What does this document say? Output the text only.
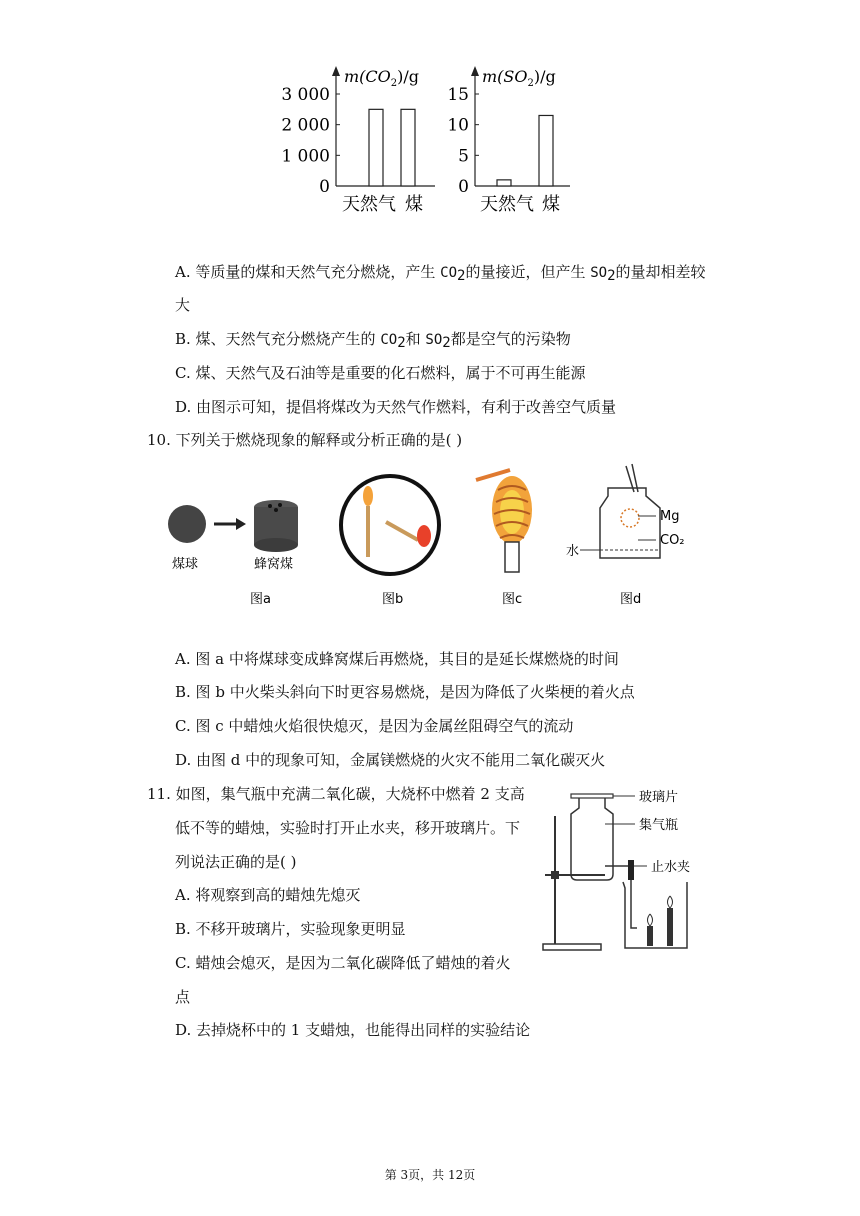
$m(CO_2)/g$
3 000
2 000
1 000
0
天然气 煤
$m(SO_2)/g$
15
10
5
0
天然气 煤
A. 等质量的煤和天然气充分燃烧，产生 $CO_2$的量接近，但产生 $SO_2$的量却相差较
大
B. 煤、天然气充分燃烧产生的 $CO_2$和 $SO_2$都是空气的污染物
C. 煤、天然气及石油等是重要的化石燃料，属于不可再生能源
D. 由图示可知，提倡将煤改为天然气作燃料，有利于改善空气质量
10. 下列关于燃烧现象的解释或分析正确的是( )
煤球	蜂窝煤
图a	图b	图c
Mg
CO₂
水
图d
A. 图 a 中将煤球变成蜂窝煤后再燃烧，其目的是延长煤燃烧的时间
B. 图 b 中火柴头斜向下时更容易燃烧，是因为降低了火柴梗的着火点
C. 图 c 中蜡烛火焰很快熄灭，是因为金属丝阻碍空气的流动
D. 由图 d 中的现象可知，金属镁燃烧的火灾不能用二氧化碳灭火
11. 如图，集气瓶中充满二氧化碳，大烧杯中燃着 2 支高
低不等的蜡烛，实验时打开止水夹，移开玻璃片。下
列说法正确的是( )
A. 将观察到高的蜡烛先熄灭
B. 不移开玻璃片，实验现象更明显
C. 蜡烛会熄灭，是因为二氧化碳降低了蜡烛的着火
点
D. 去掉烧杯中的 1 支蜡烛，也能得出同样的实验结论
玻璃片
集气瓶
止水夹
第 3页，共 12页
